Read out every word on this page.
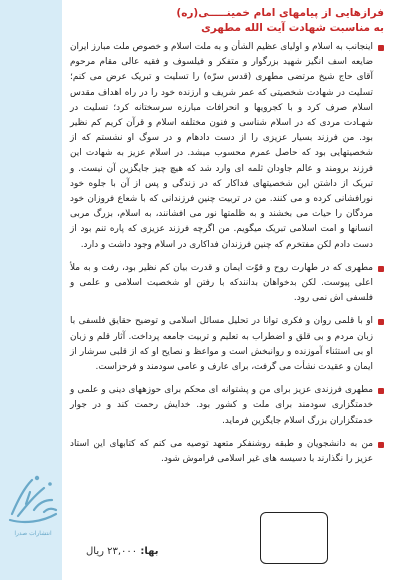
فرازهایی از پیامهای امام خمینـــــی(ره)
به مناسبت شهادت آیت الله مطهری

اینجانب به اسلام و اولیای عظیم الشأن و به ملت اسلام و خصوص ملت مبارز ایران ضایعه اسف انگیز شهید بزرگوار و متفکر و فیلسوف و فقیه عالی مقام مرحوم آقای حاج شیخ مرتضی مطهری (قدس سرّه) را تسلیت و تبریک عرض می کنم؛ تسلیت در شهادت شخصیتی که عمر شریف و ارزنده خود را در راه اهداف مقدس اسلام صرف کرد و با کجرویها و انحرافات مبارزه سرسختانه کرد؛ تسلیت در شهـادت مردی که در اسلام شناسی و فنون مختلفه اسلام و قرآن کریم کم نظیر بود. من فرزند بسیار عزیزی را از دست دادهام و در سوگ او نشستم که از شخصیتهایی بود که حاصل عمرم محسوب میشد. در اسلام عزیز به شهادت این فرزند برومند و عالم جاودان ثلمه ای وارد شد که هیچ چیز جایگزین آن نیست. و تبریک از داشتن این شخصیتهای فداکار که در زندگی و پس از آن با جلوه خود نورافشانی کرده و می کنند. من در تربیت چنین فرزندانی که با شعاع فروزان خود مردگان را حیات می بخشند و به ظلمتها نور می افشانند، به اسلام، بزرگ مربی انسانها و امت اسلامی تبریک میگویم. من اگرچه فرزند عزیزی که پاره تنم بود از دست دادم لکن مفتخرم که چنین فرزندان فداکاری در اسلام وجود داشت و دارد.

مطهری که در طهارت روح و قوّت ایمان و قدرت بیان کم نظیر بود، رفت و به ملأ اعلی پیوست. لکن بدخواهان بدانندکه با رفتن او شخصیت اسلامی و علمی و فلسفی اش نمی رود.

او با قلمی روان و فکری توانا در تحلیل مسائل اسلامی و توضیح حقایق فلسفی با زبان مردم و بی قلق و اضطراب به تعلیم و تربیت جامعه پرداخت. آثار قلم و زبان او بی استثناء آموزنده و روانبخش است و مواعظ و نصایح او که از قلبی سرشار از ایمان و عقیدت نشأت می گرفت، برای عارف و عامی سودمند و فرحزاست.

مطهری فرزندی عزیز برای من و پشتوانه ای محکم برای حوزههای دینی و علمی و خدمتگزاری سودمند برای ملت و کشور بود. خدایش رحمت کند و در جوار خدمتگزاران بزرگ اسلام جایگزین فرماید.

من به دانشجویان و طبقه روشنفکر متعهد توصیه می کنم که کتابهای این استاد عزیز را نگذارند با دسیسه های غیر اسلامی فراموش شود.

انتشارات صدرا
بها: ۲۳,۰۰۰ ریال
